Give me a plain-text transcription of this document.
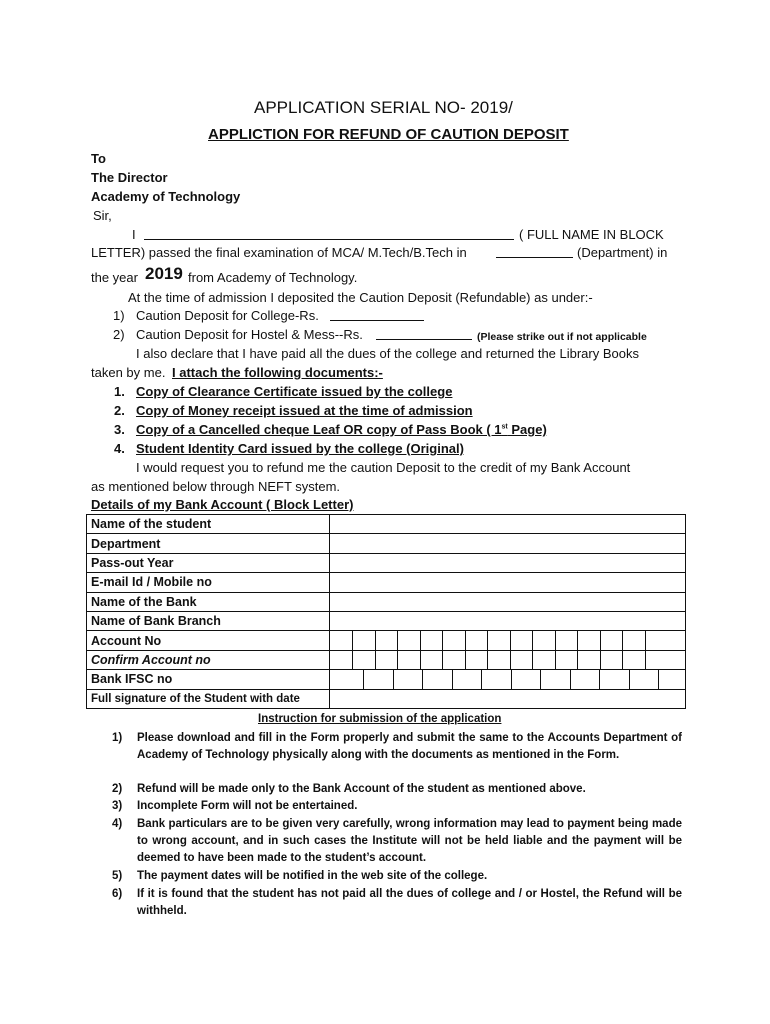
APPLICATION SERIAL NO- 2019/
APPLICTION FOR REFUND OF CAUTION DEPOSIT
To
The Director
Academy of Technology
Sir,
I	( FULL NAME IN BLOCK
LETTER) passed the final examination of MCA/ M.Tech/B.Tech in	(Department) in
the year 2019 from Academy of Technology.
At the time of admission I deposited the Caution Deposit (Refundable) as under:-
1) Caution Deposit for College-Rs.
2) Caution Deposit for Hostel & Mess--Rs.	(Please strike out if not applicable
I also declare that I have paid all the dues of the college and returned the Library Books
taken by me. I attach the following documents:-
1. Copy of Clearance Certificate issued by the college
2. Copy of Money receipt issued at the time of admission
3. Copy of a Cancelled cheque Leaf OR copy of Pass Book ( 1st Page)
4. Student Identity Card issued by the college (Original)
I would request you to refund me the caution Deposit to the credit of my Bank Account
as mentioned below through NEFT system.
Details of my Bank Account ( Block Letter)
Name of the student	
Department	
Pass-out Year	
E-mail Id / Mobile no	
Name of the Bank	
Name of Bank Branch	
Account No	

Confirm Account no	

Bank IFSC no	

Full signature of the Student with date	
Instruction for submission of the application
1) Please download and fill in the Form properly and submit the same to the Accounts Department of Academy of Technology physically along with the documents as mentioned in the Form.
2) Refund will be made only to the Bank Account of the student as mentioned above.
3) Incomplete Form will not be entertained.
4) Bank particulars are to be given very carefully, wrong information may lead to payment being made to wrong account, and in such cases the Institute will not be held liable and the payment will be deemed to have been made to the student’s account.
5) The payment dates will be notified in the web site of the college.
6) If it is found that the student has not paid all the dues of college and / or Hostel, the Refund will be withheld.
